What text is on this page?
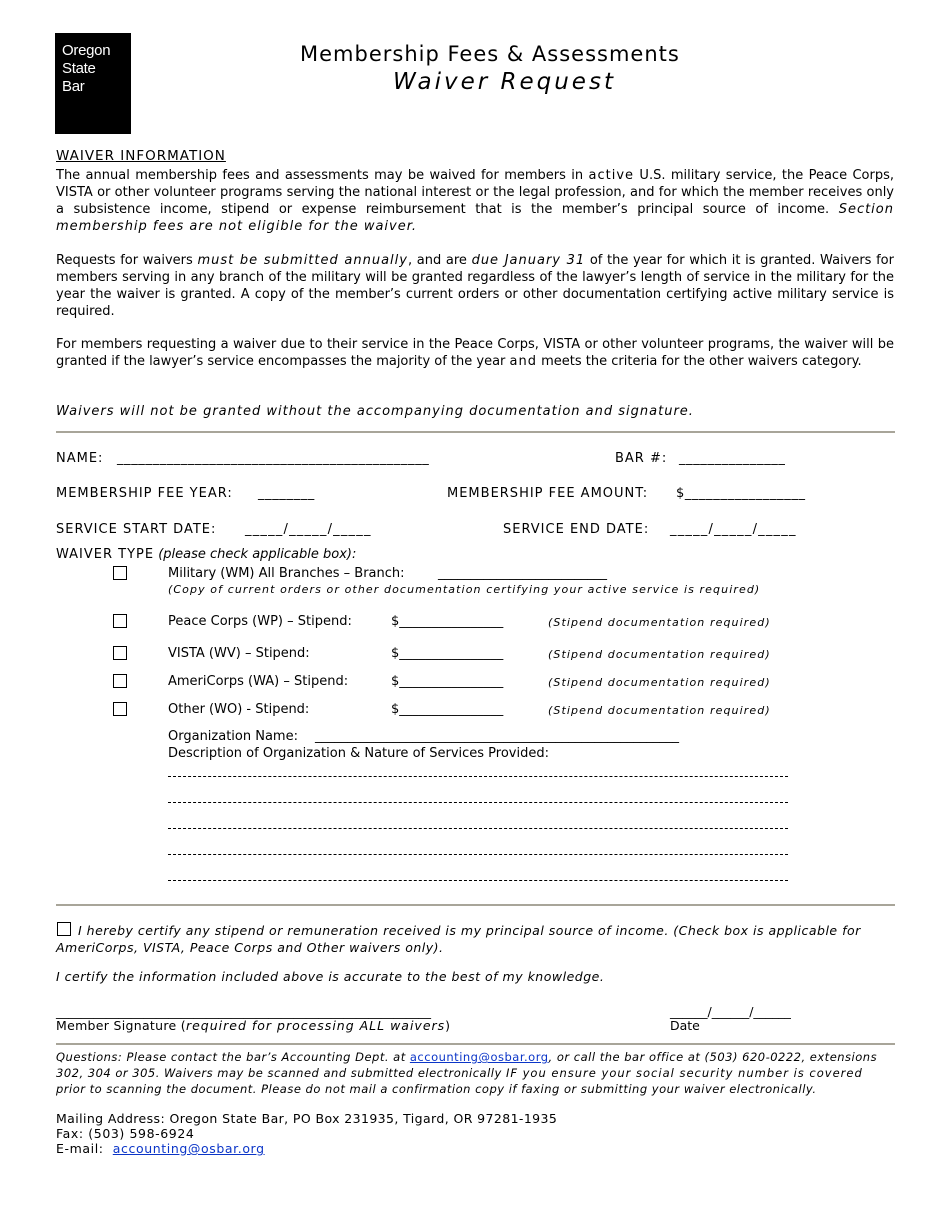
Oregon
State
Bar
Membership Fees & Assessments
Waiver Request
WAIVER INFORMATION
The annual membership fees and assessments may be waived for members in active U.S. military service, the Peace Corps, VISTA or other volunteer programs serving the national interest or the legal profession, and for which the member receives only a subsistence income, stipend or expense reimbursement that is the member’s principal source of income. Section membership fees are not eligible for the waiver.
Requests for waivers must be submitted annually, and are due January 31 of the year for which it is granted. Waivers for members serving in any branch of the military will be granted regardless of the lawyer’s length of service in the military for the year the waiver is granted. A copy of the member’s current orders or other documentation certifying active military service is required.
For members requesting a waiver due to their service in the Peace Corps, VISTA or other volunteer programs, the waiver will be granted if the lawyer’s service encompasses the majority of the year and meets the criteria for the other waivers category.
Waivers will not be granted without the accompanying documentation and signature.
NAME: ____________________________________________	BAR #: _______________
MEMBERSHIP FEE YEAR: ________	MEMBERSHIP FEE AMOUNT: $_________________
SERVICE START DATE: _____/_____/_____	SERVICE END DATE: _____/_____/_____
WAIVER TYPE (please check applicable box):
Military (WM) All Branches – Branch:	__________________________
(Copy of current orders or other documentation certifying your active service is required)
Peace Corps (WP) – Stipend:	$________________	(Stipend documentation required)
VISTA (WV) – Stipend:	$________________	(Stipend documentation required)
AmeriCorps (WA) – Stipend:	$________________	(Stipend documentation required)
Other (WO) - Stipend:	$________________	(Stipend documentation required)
Organization Name: ________________________________________________________
Description of Organization & Nature of Services Provided:
I hereby certify any stipend or remuneration received is my principal source of income. (Check box is applicable for AmeriCorps, VISTA, Peace Corps and Other waivers only).
I certify the information included above is accurate to the best of my knowledge.
____________________________________________________________
Member Signature (required for processing ALL waivers)
______/______/______
Date
Questions: Please contact the bar’s Accounting Dept. at accounting@osbar.org, or call the bar office at (503) 620-0222, extensions 302, 304 or 305. Waivers may be scanned and submitted electronically IF you ensure your social security number is covered prior to scanning the document. Please do not mail a confirmation copy if faxing or submitting your waiver electronically.
Mailing Address: Oregon State Bar, PO Box 231935, Tigard, OR 97281-1935
Fax: (503) 598-6924
E-mail: accounting@osbar.org
